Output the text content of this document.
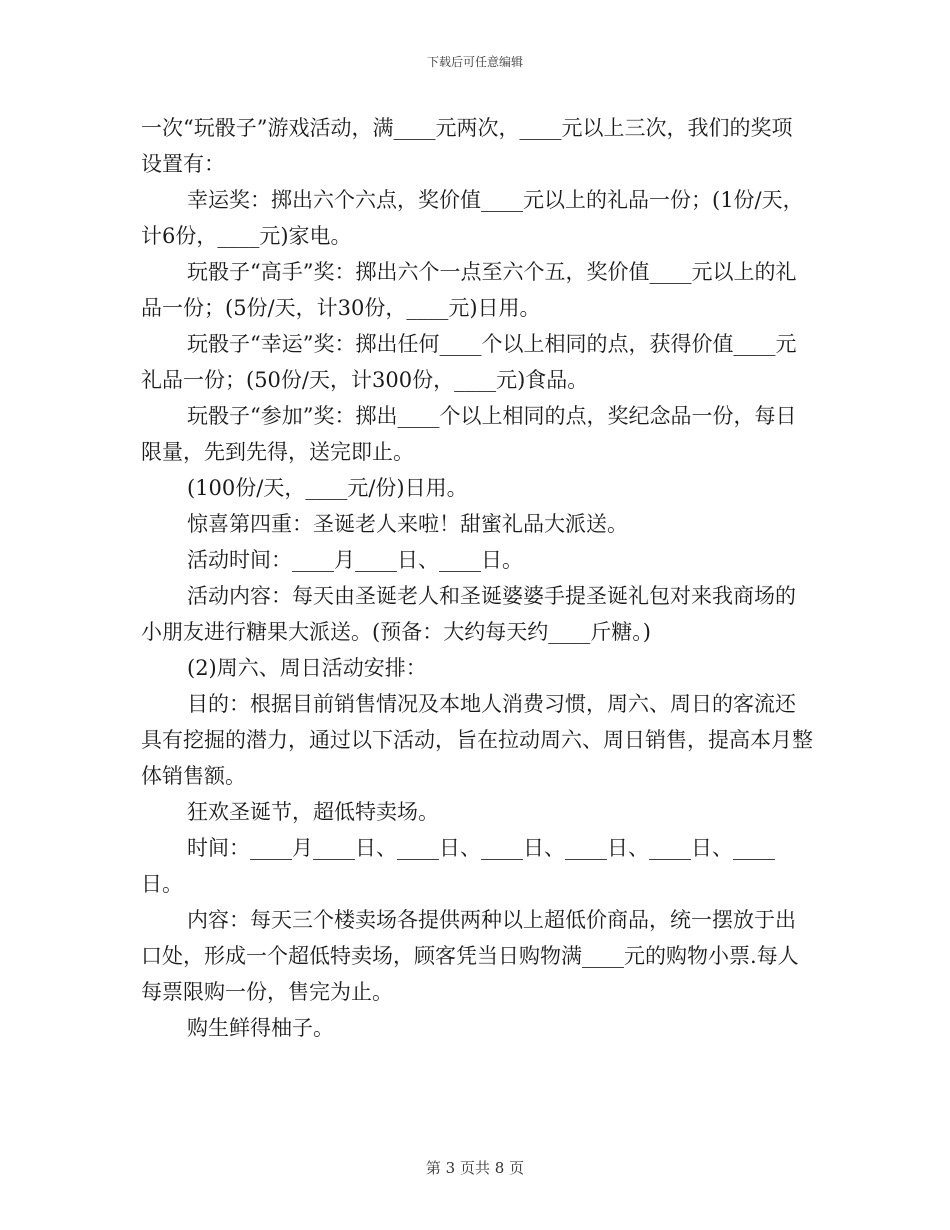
下载后可任意编辑

一次“玩骰子”游戏活动，满____元两次，____元以上三次，我们的奖项设置有：

幸运奖：掷出六个六点，奖价值____元以上的礼品一份；(1份/天，计6份，____元)家电。

玩骰子“高手”奖：掷出六个一点至六个五，奖价值____元以上的礼品一份；(5份/天，计30份，____元)日用。

玩骰子“幸运”奖：掷出任何____个以上相同的点，获得价值____元礼品一份；(50份/天，计300份，____元)食品。

玩骰子“参加”奖：掷出____个以上相同的点，奖纪念品一份，每日限量，先到先得，送完即止。

(100份/天，____元/份)日用。

惊喜第四重：圣诞老人来啦！甜蜜礼品大派送。

活动时间：____月____日、____日。

活动内容：每天由圣诞老人和圣诞婆婆手提圣诞礼包对来我商场的小朋友进行糖果大派送。(预备：大约每天约____斤糖。)

(2)周六、周日活动安排：

目的：根据目前销售情况及本地人消费习惯，周六、周日的客流还具有挖掘的潜力，通过以下活动，旨在拉动周六、周日销售，提高本月整体销售额。

狂欢圣诞节，超低特卖场。

时间：____月____日、____日、____日、____日、____日、____日。

内容：每天三个楼卖场各提供两种以上超低价商品，统一摆放于出口处，形成一个超低特卖场，顾客凭当日购物满____元的购物小票.每人每票限购一份，售完为止。

购生鲜得柚子。

第 3 页共 8 页
